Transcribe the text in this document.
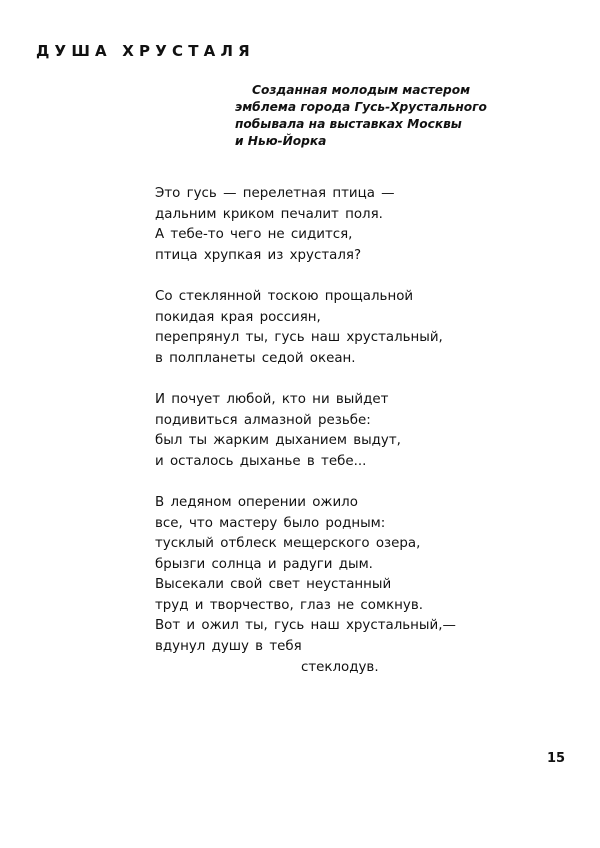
ДУША ХРУСТАЛЯ
Созданная молодым мастером
эмблема города Гусь-Хрустального
побывала на выставках Москвы
и Нью-Йорка
Это гусь — перелетная птица —
дальним криком печалит поля.
А тебе-то чего не сидится,
птица хрупкая из хрусталя?
Со стеклянной тоскою прощальной
покидая края россиян,
перепрянул ты, гусь наш хрустальный,
в полпланеты седой океан.
И почует любой, кто ни выйдет
подивиться алмазной резьбе:
был ты жарким дыханием выдут,
и осталось дыханье в тебе...
В ледяном оперении ожило
все, что мастеру было родным:
тусклый отблеск мещерского озера,
брызги солнца и радуги дым.
Высекали свой свет неустанный
труд и творчество, глаз не сомкнув.
Вот и ожил ты, гусь наш хрустальный,—
вдунул душу в тебя
стеклодув.
15
